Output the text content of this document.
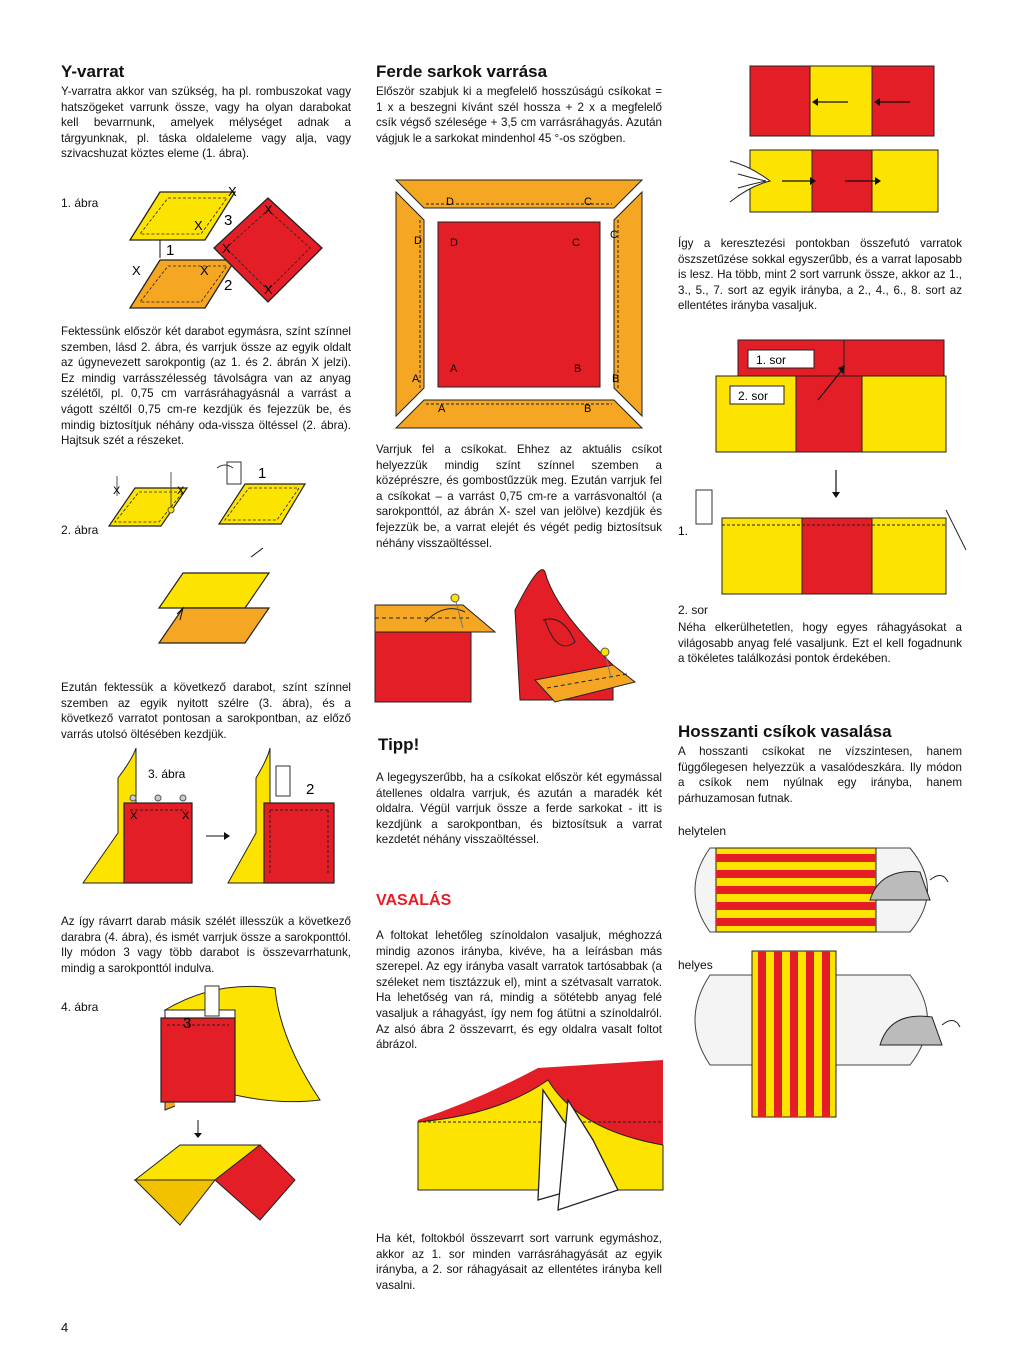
Y-varrat
Y-varratra akkor van szükség, ha pl. rombuszokat vagy hatszögeket varrunk össze, vagy ha olyan darabokat kell bevarrnunk, amelyek mélységet adnak a tárgyunknak, pl. táska oldaleleme vagy alja, vagy szivacshuzat köztes eleme (1. ábra).
1. ábra
X
X
X	X
X
X
X
1
3
2
Fektessünk először két darabot egymásra, színt színnel szemben, lásd 2. ábra, és varrjuk össze az egyik oldalt az úgynevezett sarokpontig (az 1. és 2. ábrán X jelzi). Ez mindig varrásszélesség távolságra van az anyag szélétől, pl. 0,75 cm varrásráhagyásnál a varrást a vágott széltől 0,75 cm-re kezdjük és fejezzük be, és mindig biztosítjuk néhány oda-vissza öltéssel (2. ábra). Hajtsuk szét a részeket.
2. ábra
X	X
1
Ezután fektessük a következő darabot, színt színnel szemben az egyik nyitott szélre (3. ábra), és a következő varratot pontosan a sarokpontban, az előző varrás utolsó öltésében kezdjük.
3. ábra
X	X
2
Az így rávarrt darab másik szélét illesszük a következő darabra (4. ábra), és ismét varrjuk össze a sarokponttól. Ily módon 3 vagy több darabot is összevarrhatunk, mindig a sarokponttól indulva.
4. ábra
3
4
Ferde sarkok varrása
Először szabjuk ki a megfelelő hosszúságú csíkokat = 1 x a beszegni kívánt szél hossza + 2 x a megfelelő csík végső szélesége + 3,5 cm varrásráhagyás. Azután vágjuk le a sarkokat mindenhol 45 °-os szögben.
D	C
D	D	C
C
A
A	B
B
A	B
Varrjuk fel a csíkokat. Ehhez az aktuális csíkot helyezzük mindig színt színnel szemben a középrészre, és gombostűzzük meg. Ezután varrjuk fel a csíkokat – a varrást 0,75 cm-re a varrásvonaltól (a sarokponttól, az ábrán X- szel van jelölve) kezdjük és fejezzük be, a varrat elejét és végét pedig biztosítsuk néhány visszaöltéssel.
Tipp!
A legegyszerűbb, ha a csíkokat először két egymással átellenes oldalra varrjuk, és azután a maradék két oldalra. Végül varrjuk össze a ferde sarkokat - itt is kezdjünk a sarokpontban, és biztosítsuk a varrat kezdetét néhány visszaöltéssel.
VASALÁS
A foltokat lehetőleg színoldalon vasaljuk, méghozzá mindig azonos irányba, kivéve, ha a leírásban más szerepel. Az egy irányba vasalt varratok tartósabbak (a széleket nem tisztázzuk el), mint a szétvasalt varratok. Ha lehetőség van rá, mindig a sötétebb anyag felé vasaljuk a ráhagyást, így nem fog átütni a színoldalról. Az alsó ábra 2 összevarrt, és egy oldalra vasalt foltot ábrázol.
Ha két, foltokból összevarrt sort varrunk egymáshoz, akkor az 1. sor minden varrásráhagyását az egyik irányba, a 2. sor ráhagyásait az ellentétes irányba kell vasalni.
Így a keresztezési pontokban összefutó varratok öszszetűzése sokkal egyszerűbb, és a varrat laposabb is lesz. Ha több, mint 2 sort varrunk össze, akkor az 1., 3., 5., 7. sort az egyik irányba, a 2., 4., 6., 8. sort az ellentétes irányba vasaljuk.
1. sor
2. sor
1.
2. sor
Néha elkerülhetetlen, hogy egyes ráhagyásokat a világosabb anyag felé vasaljunk. Ezt el kell fogadnunk a tökéletes találkozási pontok érdekében.
Hosszanti csíkok vasalása
A hosszanti csíkokat ne vízszintesen, hanem függőlegesen helyezzük a vasalódeszkára. Ily módon a csíkok nem nyúlnak egy irányba, hanem párhuzamosan futnak.
helytelen
helyes
